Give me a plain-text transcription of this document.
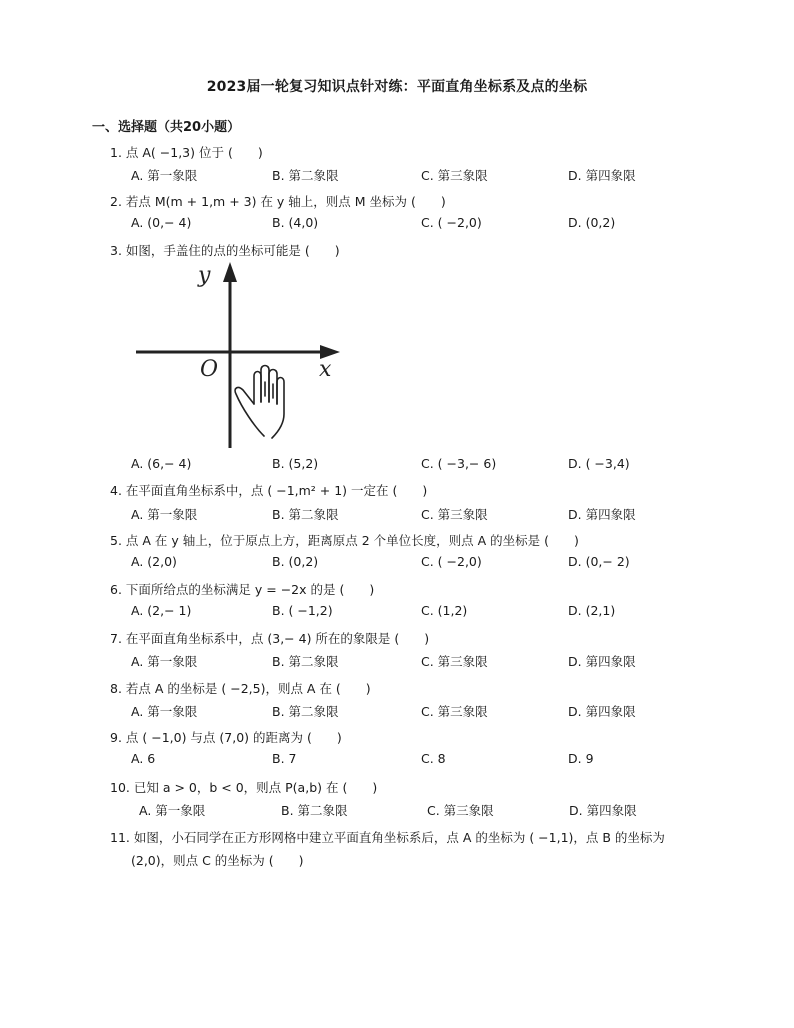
2023届一轮复习知识点针对练：平面直角坐标系及点的坐标
一、选择题（共20小题）
1. 点 A( −1,3) 位于 (　　)
A. 第一象限	B. 第二象限	C. 第三象限	D. 第四象限
2. 若点 M(m + 1,m + 3) 在 y 轴上，则点 M 坐标为 (　　)
A. (0,− 4)	B. (4,0)	C. ( −2,0)	D. (0,2)
3. 如图，手盖住的点的坐标可能是 (　　)
y
x
O
A. (6,− 4)	B. (5,2)	C. ( −3,− 6)	D. ( −3,4)
4. 在平面直角坐标系中，点 ( −1,m² + 1) 一定在 (　　)
A. 第一象限	B. 第二象限	C. 第三象限	D. 第四象限
5. 点 A 在 y 轴上，位于原点上方，距离原点 2 个单位长度，则点 A 的坐标是 (　　)
A. (2,0)	B. (0,2)	C. ( −2,0)	D. (0,− 2)
6. 下面所给点的坐标满足 y = −2x 的是 (　　)
A. (2,− 1)	B. ( −1,2)	C. (1,2)	D. (2,1)
7. 在平面直角坐标系中，点 (3,− 4) 所在的象限是 (　　)
A. 第一象限	B. 第二象限	C. 第三象限	D. 第四象限
8. 若点 A 的坐标是 ( −2,5)，则点 A 在 (　　)
A. 第一象限	B. 第二象限	C. 第三象限	D. 第四象限
9. 点 ( −1,0) 与点 (7,0) 的距离为 (　　)
A. 6	B. 7	C. 8	D. 9
10. 已知 a > 0，b < 0，则点 P(a,b) 在 (　　)
A. 第一象限	B. 第二象限	C. 第三象限	D. 第四象限
11. 如图，小石同学在正方形网格中建立平面直角坐标系后，点 A 的坐标为 ( −1,1)，点 B 的坐标为
(2,0)，则点 C 的坐标为 (　　)
